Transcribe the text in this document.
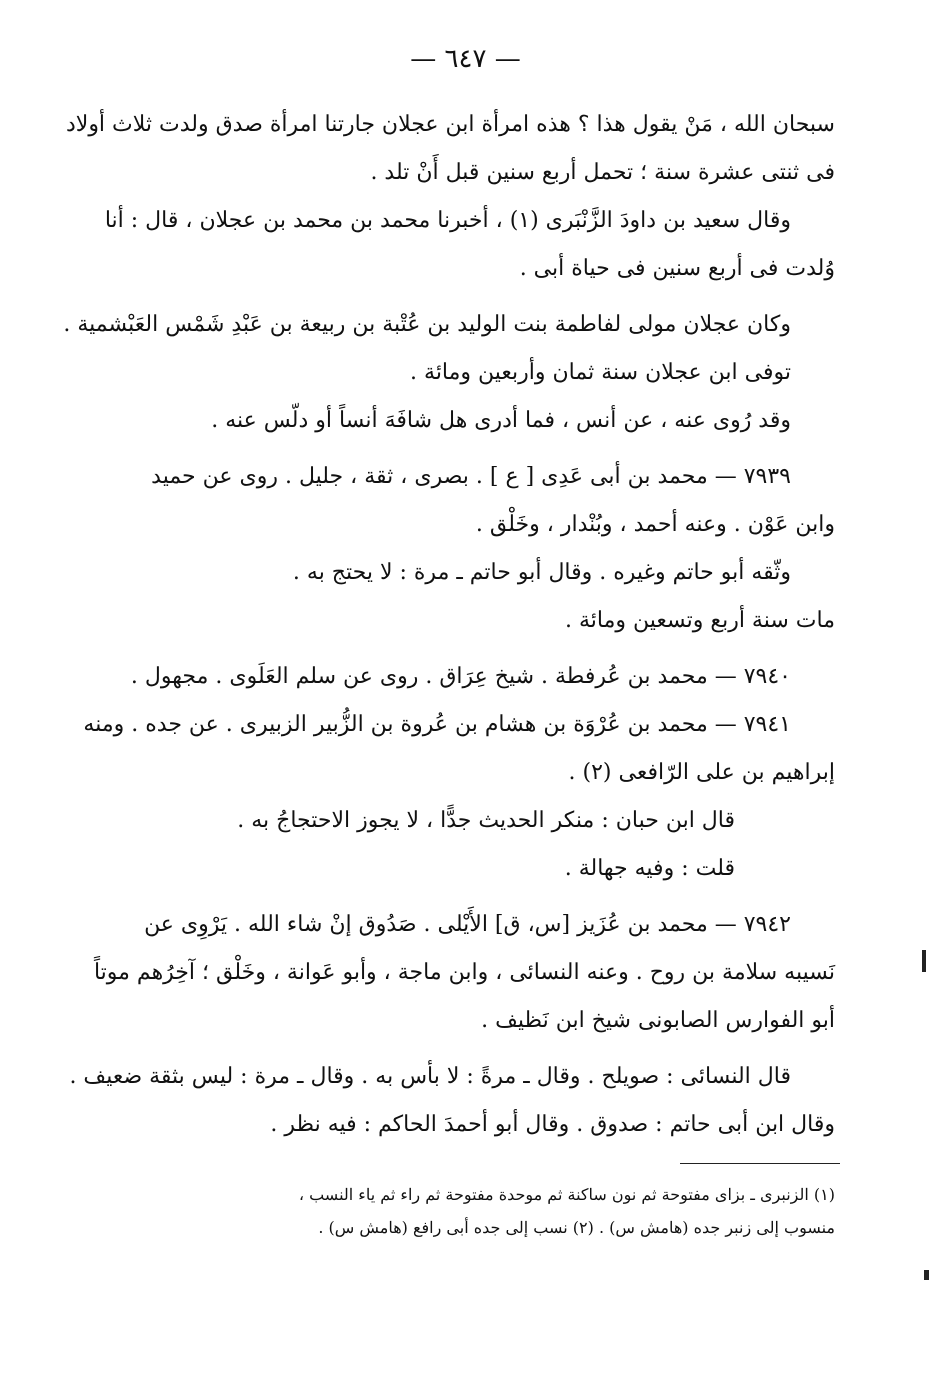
— ٦٤٧ —
سبحان الله ، مَنْ يقول هذا ؟ هذه امرأة ابن عجلان جارتنا امرأة صدق ولدت ثلاث أولاد
فى ثنتى عشرة سنة ؛ تحمل أربع سنين قبل أَنْ تلد .
وقال سعيد بن داودَ الزَّنْبَرى (١) ، أخبرنا محمد بن محمد بن عجلان ، قال : أنا
وُلدت فى أربع سنين فى حياة أبى .
وكان عجلان مولى لفاطمة بنت الوليد بن عُتْبة بن ربيعة بن عَبْدِ شَمْس العَبْشمية .
توفى ابن عجلان سنة ثمان وأربعين ومائة .
وقد رُوى عنه ، عن أنس ، فما أدرى هل شافَهَ أنساً أو دلّس عنه .
٧٩٣٩ — محمد بن أبى عَدِى [ ع ] . بصرى ، ثقة ، جليل . روى عن حميد
وابن عَوْن . وعنه أحمد ، وبُنْدار ، وخَلْق .
وثّقه أبو حاتم وغيره . وقال أبو حاتم ـ مرة : لا يحتج به .
مات سنة أربع وتسعين ومائة .
٧٩٤٠ — محمد بن عُرفطة . شيخ عِرَاق . روى عن سلم العَلَوى . مجهول .
٧٩٤١ — محمد بن عُرْوَة بن هشام بن عُروة بن الزُّبير الزبيرى . عن جده . ومنه
إبراهيم بن على الرّافعى (٢) .
قال ابن حبان : منكر الحديث جدًّا ، لا يجوز الاحتجاجُ به .
قلت : وفيه جهالة .
٧٩٤٢ — محمد بن عُزَيز [س، ق] الأَيْلى . صَدُوق إنْ شاء الله . يَرْوِى عن
نَسيبه سلامة بن روح . وعنه النسائى ، وابن ماجة ، وأبو عَوانة ، وخَلْق ؛ آخِرُهم موتاً
أبو الفوارس الصابونى شيخ ابن نَظيف .
قال النسائى : صويلح . وقال ـ مرةً : لا بأس به . وقال ـ مرة : ليس بثقة ضعيف .
وقال ابن أبى حاتم : صدوق . وقال أبو أحمدَ الحاكم : فيه نظر .
(١) الزنبرى ـ بزاى مفتوحة ثم نون ساكنة ثم موحدة مفتوحة ثم راء ثم ياء النسب ،
منسوب إلى زنبر جده (هامش س) . (٢) نسب إلى جده أبى رافع (هامش س) .
